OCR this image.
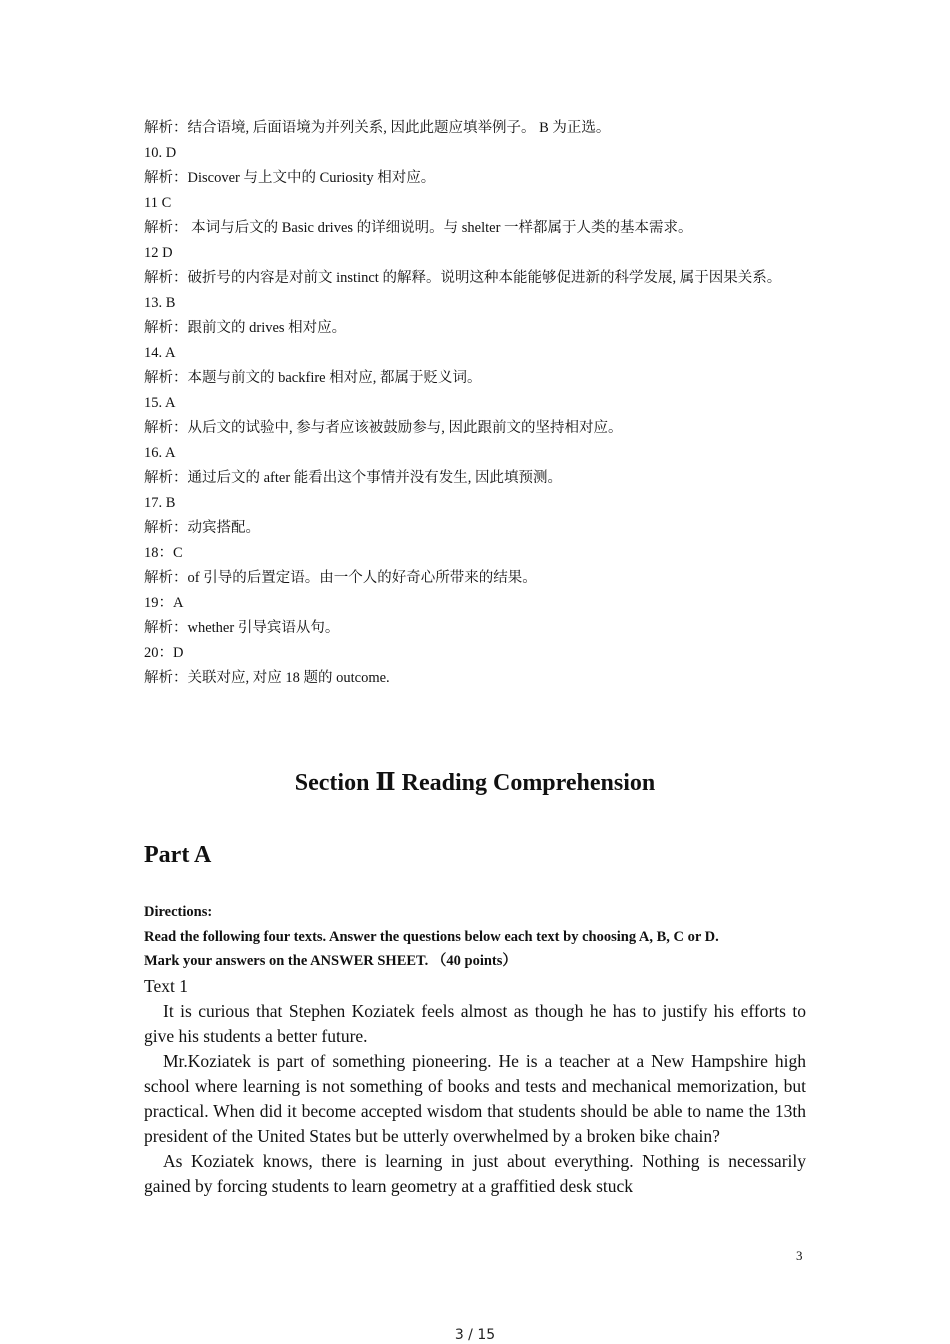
解析：结合语境, 后面语境为并列关系, 因此此题应填举例子。 B 为正选。
10. D
解析：Discover 与上文中的 Curiosity 相对应。
11 C
解析： 本词与后文的 Basic drives 的详细说明。与 shelter 一样都属于人类的基本需求。
12 D
解析：破折号的内容是对前文 instinct 的解释。说明这种本能能够促进新的科学发展, 属于因果关系。
13. B
解析：跟前文的 drives 相对应。
14. A
解析：本题与前文的 backfire 相对应, 都属于贬义词。
15. A
解析：从后文的试验中, 参与者应该被鼓励参与, 因此跟前文的坚持相对应。
16. A
解析：通过后文的 after 能看出这个事情并没有发生, 因此填预测。
17. B
解析：动宾搭配。
18：C
解析：of 引导的后置定语。由一个人的好奇心所带来的结果。
19：A
解析：whether 引导宾语从句。
20：D
解析：关联对应, 对应 18 题的 outcome.
Section Ⅱ Reading Comprehension
Part A
Directions:
Read the following four texts. Answer the questions below each text by choosing A, B, C or D.
Mark your answers on the ANSWER SHEET. （40 points）
Text 1

It is curious that Stephen Koziatek feels almost as though he has to justify his efforts to give his students a better future.

Mr.Koziatek is part of something pioneering. He is a teacher at a New Hampshire high school where learning is not something of books and tests and mechanical memorization, but practical. When did it become accepted wisdom that students should be able to name the 13th president of the United States but be utterly overwhelmed by a broken bike chain?

As Koziatek knows, there is learning in just about everything. Nothing is necessarily gained by forcing students to learn geometry at a graffitied desk stuck

3
3 / 15
